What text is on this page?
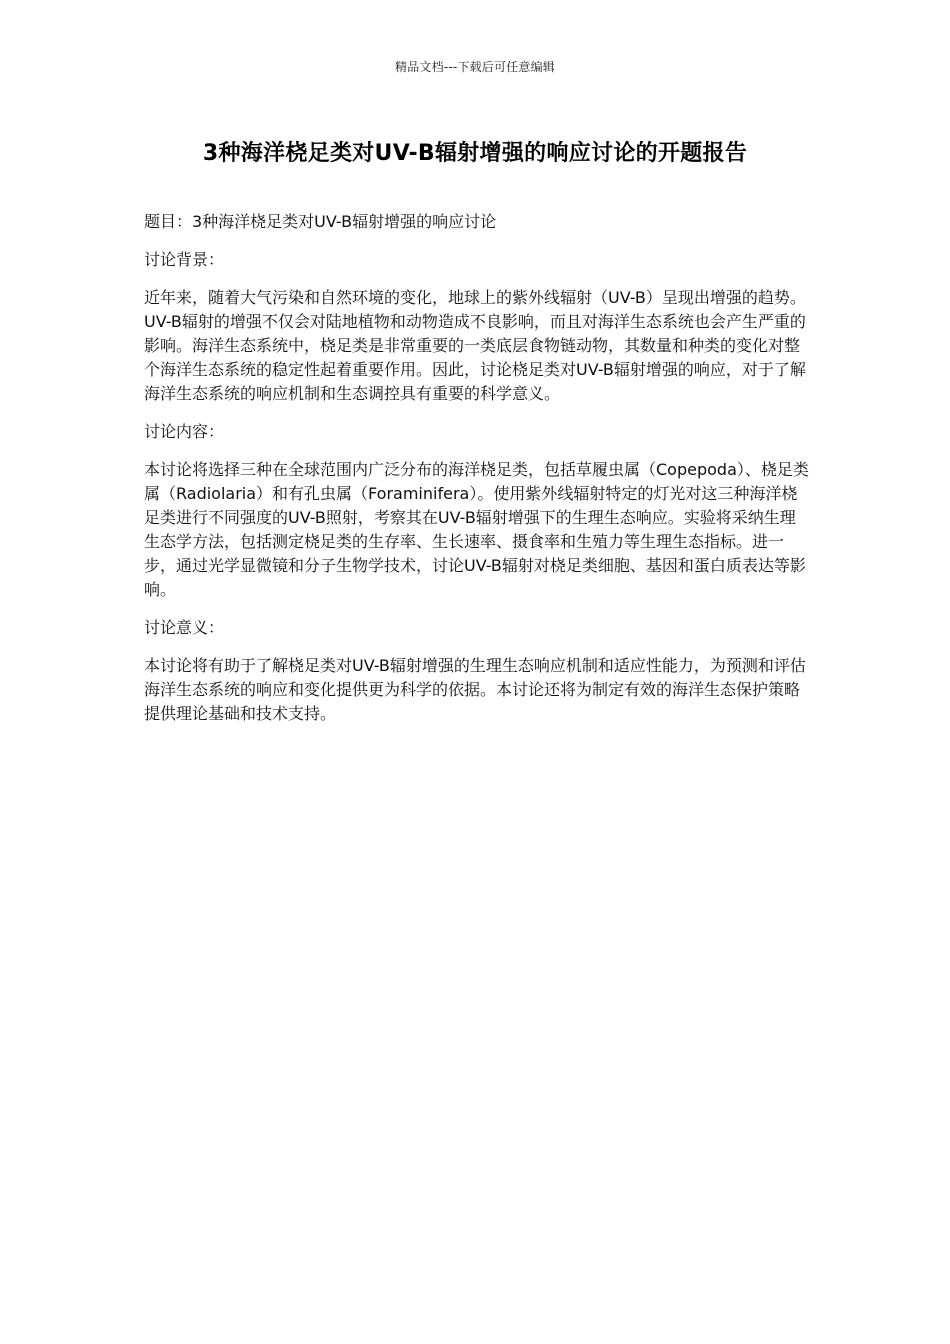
精品文档---下载后可任意编辑
3种海洋桡足类对UV-B辐射增强的响应讨论的开题报告

题目：3种海洋桡足类对UV-B辐射增强的响应讨论

讨论背景：

近年来，随着大气污染和自然环境的变化，地球上的紫外线辐射（UV-B）呈现出增强的趋势。UV-B辐射的增强不仅会对陆地植物和动物造成不良影响，而且对海洋生态系统也会产生严重的影响。海洋生态系统中，桡足类是非常重要的一类底层食物链动物，其数量和种类的变化对整个海洋生态系统的稳定性起着重要作用。因此，讨论桡足类对UV-B辐射增强的响应，对于了解海洋生态系统的响应机制和生态调控具有重要的科学意义。

讨论内容：

本讨论将选择三种在全球范围内广泛分布的海洋桡足类，包括草履虫属（Copepoda）、桡足类属（Radiolaria）和有孔虫属（Foraminifera）。使用紫外线辐射特定的灯光对这三种海洋桡足类进行不同强度的UV-B照射，考察其在UV-B辐射增强下的生理生态响应。实验将采纳生理生态学方法，包括测定桡足类的生存率、生长速率、摄食率和生殖力等生理生态指标。进一步，通过光学显微镜和分子生物学技术，讨论UV-B辐射对桡足类细胞、基因和蛋白质表达等影响。

讨论意义：

本讨论将有助于了解桡足类对UV-B辐射增强的生理生态响应机制和适应性能力，为预测和评估海洋生态系统的响应和变化提供更为科学的依据。本讨论还将为制定有效的海洋生态保护策略提供理论基础和技术支持。
